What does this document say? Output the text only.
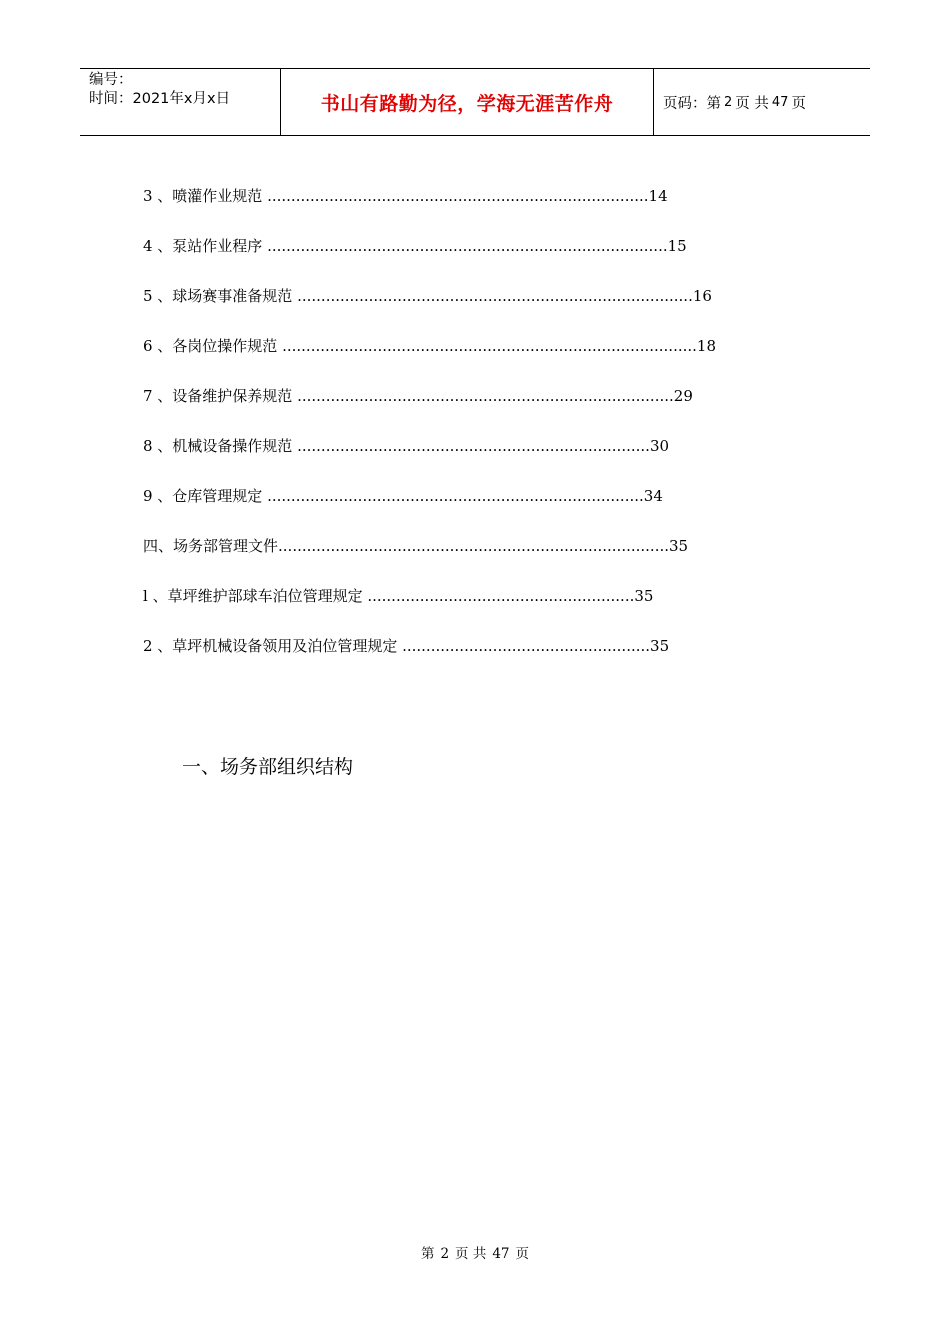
编号：
时间：2021年x月x日	书山有路勤为径，学海无涯苦作舟	页码：第 2 页 共 47 页
3 、喷灌作业规范 ................................................................................14
4 、泵站作业程序 ....................................................................................15
5 、球场赛事准备规范 ...................................................................................16
6 、各岗位操作规范 .......................................................................................18
7 、设备维护保养规范 ...............................................................................29
8 、机械设备操作规范 ..........................................................................30
9 、仓库管理规定 ...............................................................................34
四、场务部管理文件..................................................................................35
l 、草坪维护部球车泊位管理规定 ........................................................35
2 、草坪机械设备领用及泊位管理规定 ....................................................35
一、场务部组织结构
第 2 页 共 47 页
